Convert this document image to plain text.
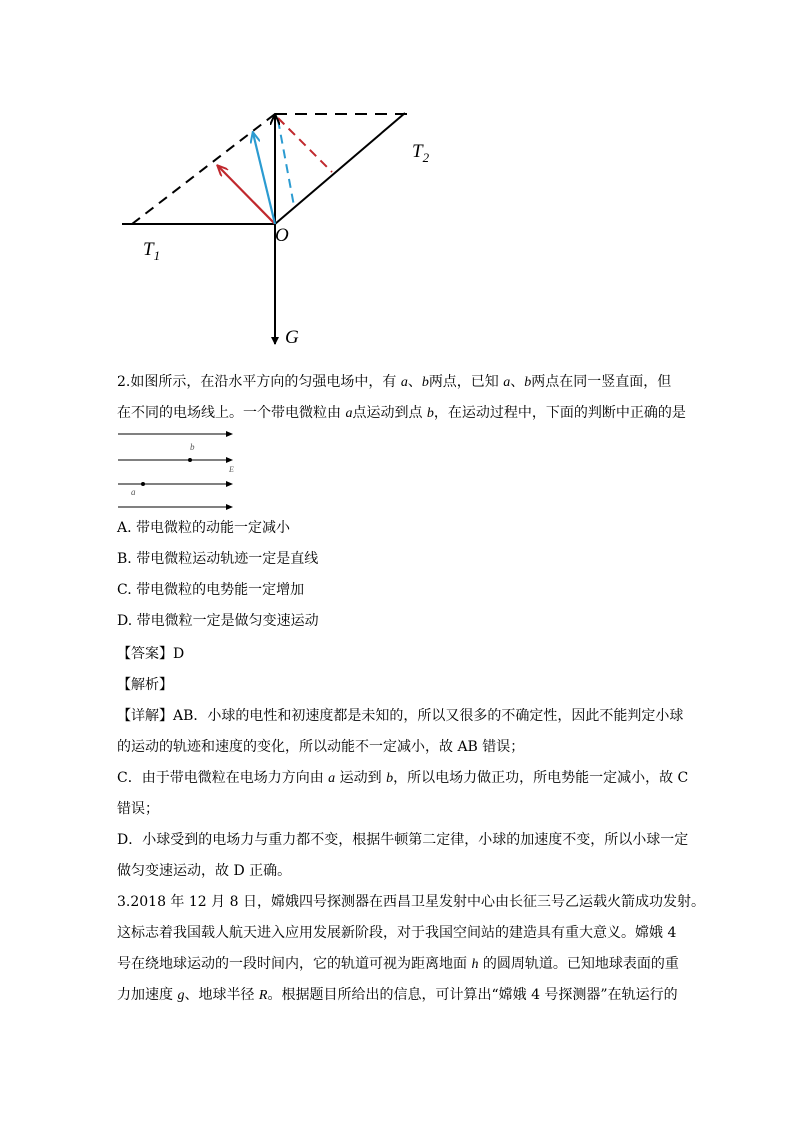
$T_2$
O
$T_1$
G
2.如图所示，在沿水平方向的匀强电场中，有 a、b两点，已知 a、b两点在同一竖直面，但
在不同的电场线上。一个带电微粒由 a点运动到点 b，在运动过程中，下面的判断中正确的是
b
E
a
A. 带电微粒的动能一定减小
B. 带电微粒运动轨迹一定是直线
C. 带电微粒的电势能一定增加
D. 带电微粒一定是做匀变速运动
【答案】D
【解析】
【详解】AB．小球的电性和初速度都是未知的，所以又很多的不确定性，因此不能判定小球
的运动的轨迹和速度的变化，所以动能不一定减小，故 AB 错误；
C．由于带电微粒在电场力方向由 a 运动到 b，所以电场力做正功，所电势能一定减小，故 C
错误；
D．小球受到的电场力与重力都不变，根据牛顿第二定律，小球的加速度不变，所以小球一定
做匀变速运动，故 D 正确。
3.2018 年 12 月 8 日，嫦娥四号探测器在西昌卫星发射中心由长征三号乙运载火箭成功发射。
这标志着我国载人航天进入应用发展新阶段，对于我国空间站的建造具有重大意义。嫦娥 4
号在绕地球运动的一段时间内，它的轨道可视为距离地面 h 的圆周轨道。已知地球表面的重
力加速度 g、地球半径 R。根据题目所给出的信息，可计算出“嫦娥 4 号探测器”在轨运行的
